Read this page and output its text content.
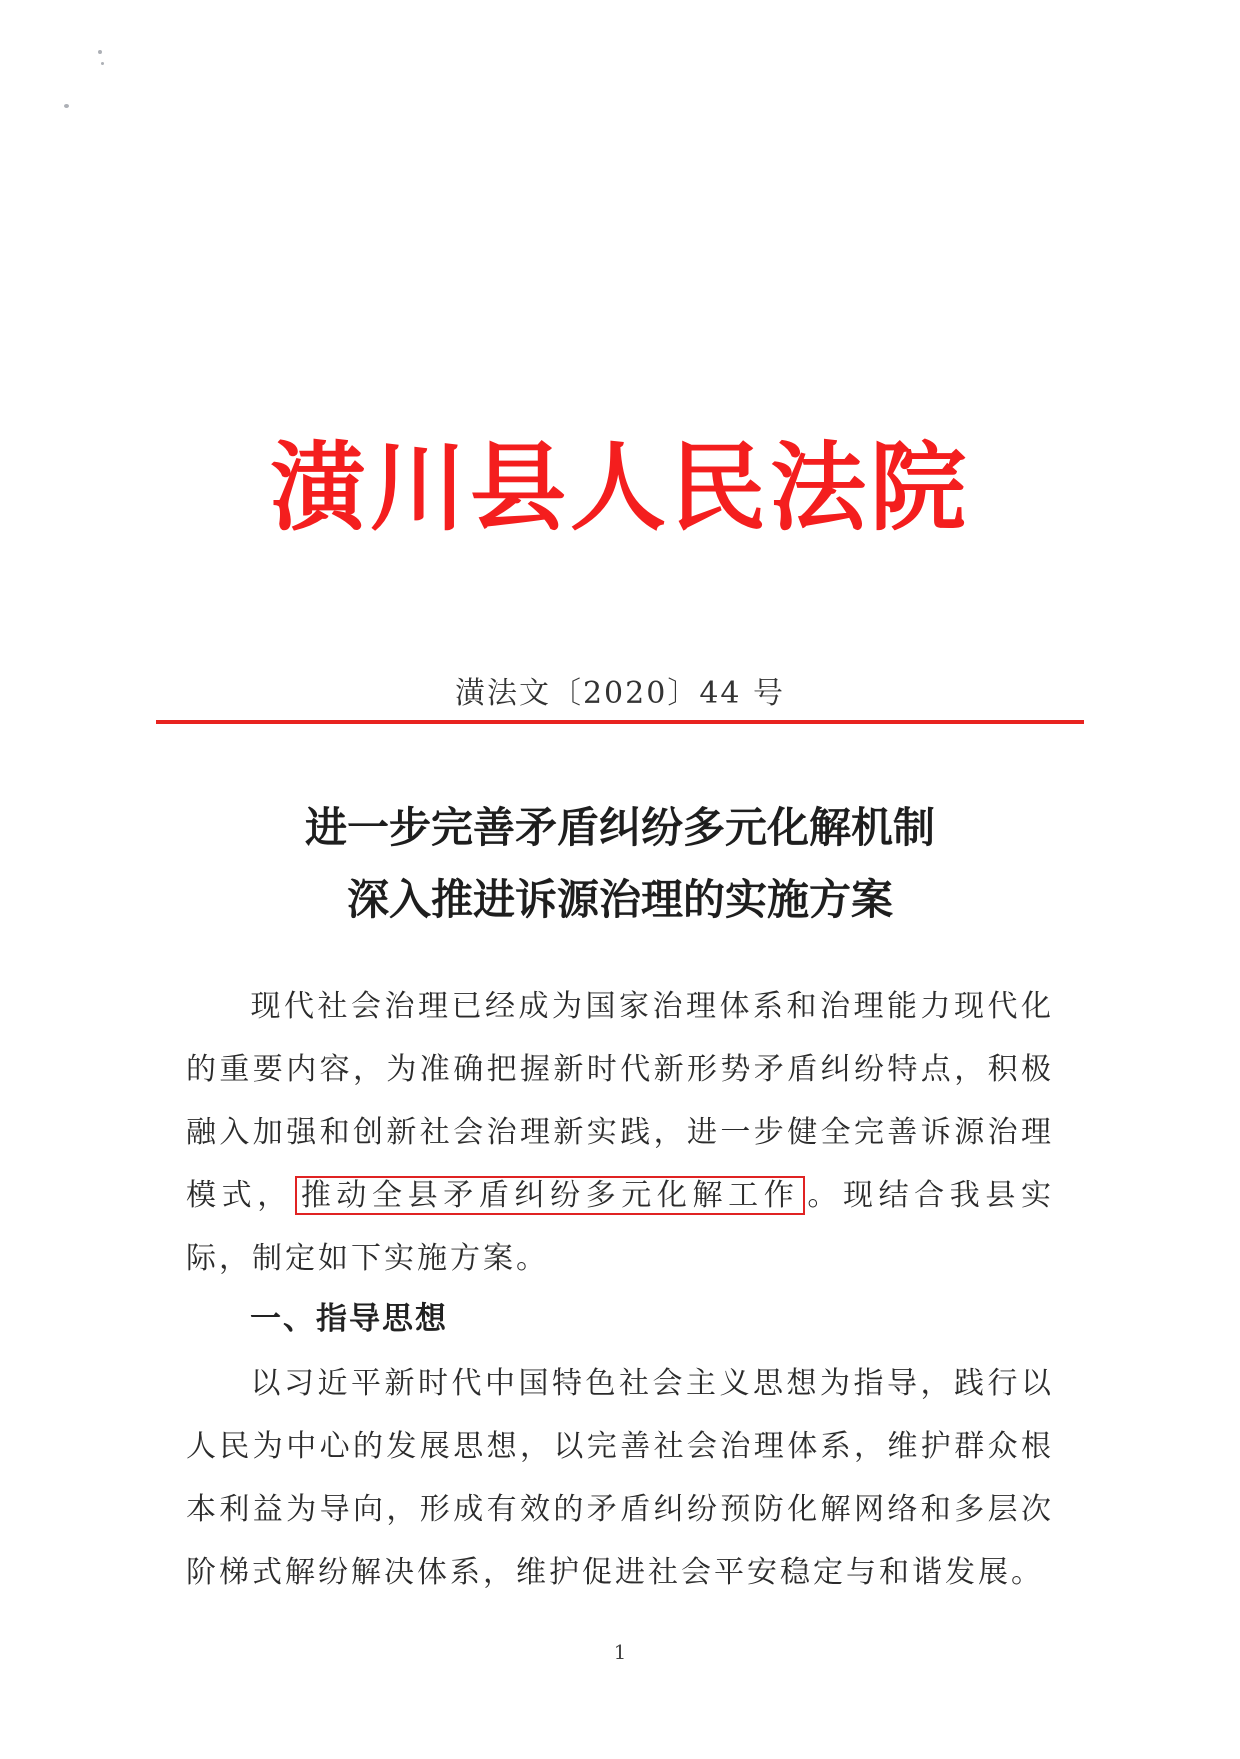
潢川县人民法院
潢法文〔2020〕44 号
进一步完善矛盾纠纷多元化解机制
深入推进诉源治理的实施方案
现代社会治理已经成为国家治理体系和治理能力现代化的重要内容，为准确把握新时代新形势矛盾纠纷特点，积极融入加强和创新社会治理新实践，进一步健全完善诉源治理模式， 推动全县矛盾纠纷多元化解工作 。现结合我县实际，制定如下实施方案。
一、指导思想
以习近平新时代中国特色社会主义思想为指导，践行以人民为中心的发展思想，以完善社会治理体系，维护群众根本利益为导向，形成有效的矛盾纠纷预防化解网络和多层次阶梯式解纷解决体系，维护促进社会平安稳定与和谐发展。
1
